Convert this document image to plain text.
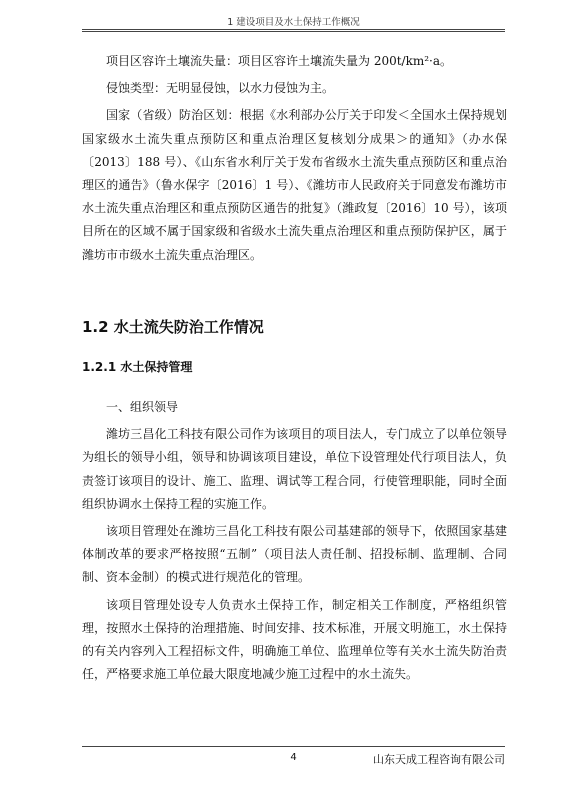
1 建设项目及水土保持工作概况

项目区容许土壤流失量：项目区容许土壤流失量为 200t/km²·a。

侵蚀类型：无明显侵蚀，以水力侵蚀为主。

国家（省级）防治区划：根据《水利部办公厅关于印发＜全国水土保持规划国家级水土流失重点预防区和重点治理区复核划分成果＞的通知》（办水保〔2013〕188 号）、《山东省水利厅关于发布省级水土流失重点预防区和重点治理区的通告》（鲁水保字〔2016〕1 号）、《潍坊市人民政府关于同意发布潍坊市水土流失重点治理区和重点预防区通告的批复》（潍政复〔2016〕10 号），该项目所在的区域不属于国家级和省级水土流失重点治理区和重点预防保护区，属于潍坊市市级水土流失重点治理区。

1.2 水土流失防治工作情况
1.2.1 水土保持管理

一、组织领导

潍坊三昌化工科技有限公司作为该项目的项目法人，专门成立了以单位领导为组长的领导小组，领导和协调该项目建设，单位下设管理处代行项目法人，负责签订该项目的设计、施工、监理、调试等工程合同，行使管理职能，同时全面组织协调水土保持工程的实施工作。

该项目管理处在潍坊三昌化工科技有限公司基建部的领导下，依照国家基建体制改革的要求严格按照“五制”（项目法人责任制、招投标制、监理制、合同制、资本金制）的模式进行规范化的管理。

该项目管理处设专人负责水土保持工作，制定相关工作制度，严格组织管理，按照水土保持的治理措施、时间安排、技术标准，开展文明施工，水土保持的有关内容列入工程招标文件，明确施工单位、监理单位等有关水土流失防治责任，严格要求施工单位最大限度地减少施工过程中的水土流失。

4	山东天成工程咨询有限公司
